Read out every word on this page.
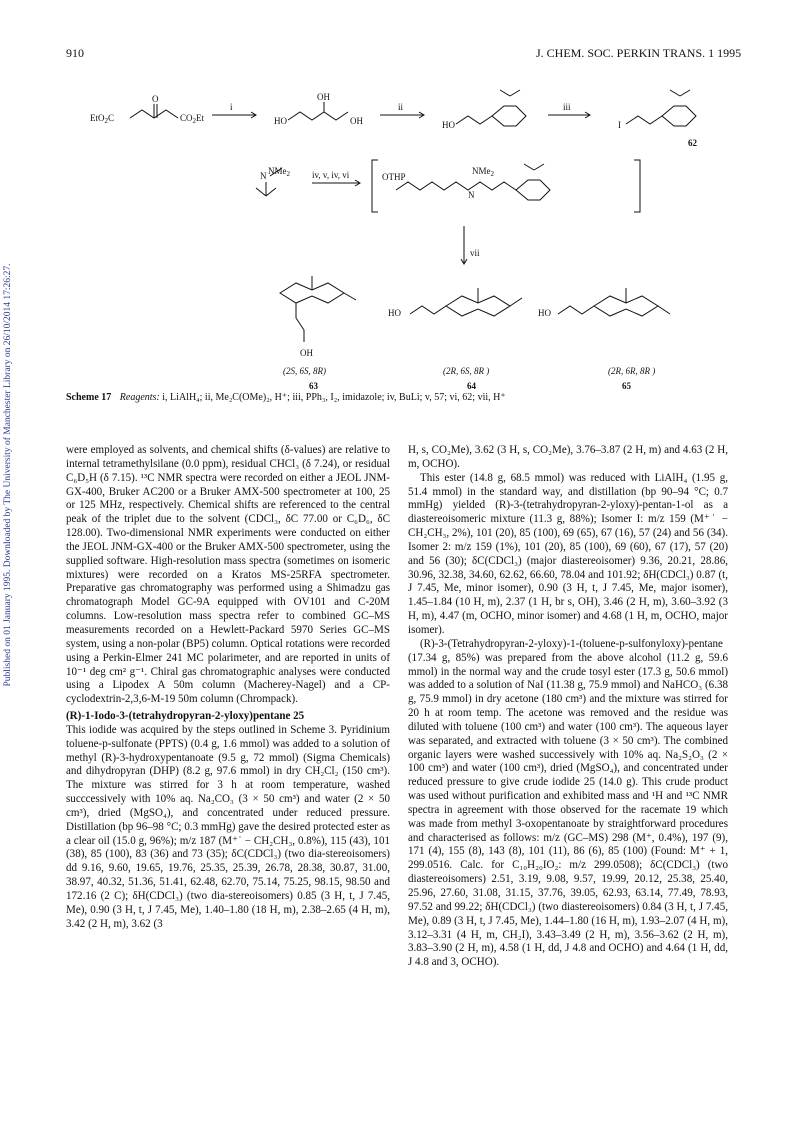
910	J. CHEM. SOC. PERKIN TRANS. 1 1995
Published on 01 January 1995. Downloaded by The University of Manchester Library on 26/10/2014 17:26:27.
EtO$_2$C	$CO_2Et$
O
i
HO
OH
OH
ii
HO
iii
I
62
N NMe$_2$ iv, v, iv, vi	OTHP
NMe$_2$
N
vii
OH
HO	HO
(2S, 6S, 8R)	(2R, 6S, 8R )	(2R, 6R, 8R )
63	64	65
Scheme 17 Reagents: i, LiAlH₄; ii, Me₂C(OMe)₂, H⁺; iii, PPh₃, I₂, imidazole; iv, BuLi; v, 57; vi, 62; vii, H⁺

were employed as solvents, and chemical shifts (δ-values) are relative to internal tetramethylsilane (0.0 ppm), residual CHCl₃ (δ 7.24), or residual C₆D₅H (δ 7.15). ¹³C NMR spectra were recorded on either a JEOL JNM-GX-400, Bruker AC200 or a Bruker AMX-500 spectrometer at 100, 25 or 125 MHz, respectively. Chemical shifts are referenced to the central peak of the triplet due to the solvent (CDCl₃, δC 77.00 or C₆D₆, δC 128.00). Two-dimensional NMR experiments were conducted on either the JEOL JNM-GX-400 or the Bruker AMX-500 spectrometer, using the supplied software. High-resolution mass spectra (sometimes on isomeric mixtures) were recorded on a Kratos MS-25RFA spectrometer. Preparative gas chromatography was performed using a Shimadzu gas chromatograph Model GC-9A equipped with OV101 and C-20M columns. Low-resolution mass spectra refer to combined GC–MS measurements recorded on a Hewlett-Packard 5970 Series GC–MS system, using a non-polar (BP5) column. Optical rotations were recorded using a Perkin-Elmer 241 MC polarimeter, and are reported in units of 10⁻¹ deg cm² g⁻¹. Chiral gas chromatographic analyses were conducted using a Lipodex A 50m column (Macherey-Nagel) and a CP-cyclodextrin-2,3,6-M-19 50m column (Chrompack).

(R)-1-Iodo-3-(tetrahydropyran-2-yloxy)pentane 25

This iodide was acquired by the steps outlined in Scheme 3. Pyridinium toluene-p-sulfonate (PPTS) (0.4 g, 1.6 mmol) was added to a solution of methyl (R)-3-hydroxypentanoate (9.5 g, 72 mmol) (Sigma Chemicals) and dihydropyran (DHP) (8.2 g, 97.6 mmol) in dry CH₂Cl₂ (150 cm³). The mixture was stirred for 3 h at room temperature, washed succcessively with 10% aq. Na₂CO₃ (3 × 50 cm³) and water (2 × 50 cm³), dried (MgSO₄), and concentrated under reduced pressure. Distillation (bp 96–98 °C; 0.3 mmHg) gave the desired protected ester as a clear oil (15.0 g, 96%); m/z 187 (M⁺˙ − CH₂CH₃, 0.8%), 115 (43), 101 (38), 85 (100), 83 (36) and 73 (35); δC(CDCl₃) (two dia-stereoisomers) dd 9.16, 9.60, 19.65, 19.76, 25.35, 25.39, 26.78, 28.38, 30.87, 31.00, 38.97, 40.32, 51.36, 51.41, 62.48, 62.70, 75.14, 75.25, 98.15, 98.50 and 172.16 (2 C); δH(CDCl₃) (two dia-stereoisomers) 0.85 (3 H, t, J 7.45, Me), 0.90 (3 H, t, J 7.45, Me), 1.40–1.80 (18 H, m), 2.38–2.65 (4 H, m), 3.42 (2 H, m), 3.62 (3

H, s, CO₂Me), 3.62 (3 H, s, CO₂Me), 3.76–3.87 (2 H, m) and 4.63 (2 H, m, OCHO).

This ester (14.8 g, 68.5 mmol) was reduced with LiAlH₄ (1.95 g, 51.4 mmol) in the standard way, and distillation (bp 90–94 °C; 0.7 mmHg) yielded (R)-3-(tetrahydropyran-2-yloxy)-pentan-1-ol as a diastereoisomeric mixture (11.3 g, 88%); Isomer I: m/z 159 (M⁺˙ − CH₂CH₃, 2%), 101 (20), 85 (100), 69 (65), 67 (16), 57 (24) and 56 (34). Isomer 2: m/z 159 (1%), 101 (20), 85 (100), 69 (60), 67 (17), 57 (20) and 56 (30); δC(CDCl₃) (major diastereoisomer) 9.36, 20.21, 28.86, 30.96, 32.38, 34.60, 62.62, 66.60, 78.04 and 101.92; δH(CDCl₃) 0.87 (t, J 7.45, Me, minor isomer), 0.90 (3 H, t, J 7.45, Me, major isomer), 1.45–1.84 (10 H, m), 2.37 (1 H, br s, OH), 3.46 (2 H, m), 3.60–3.92 (3 H, m), 4.47 (m, OCHO, minor isomer) and 4.68 (1 H, m, OCHO, major isomer).

(R)-3-(Tetrahydropyran-2-yloxy)-1-(toluene-p-sulfonyloxy)-pentane (17.34 g, 85%) was prepared from the above alcohol (11.2 g, 59.6 mmol) in the normal way and the crude tosyl ester (17.3 g, 50.6 mmol) was added to a solution of NaI (11.38 g, 75.9 mmol) and NaHCO₃ (6.38 g, 75.9 mmol) in dry acetone (180 cm³) and the mixture was stirred for 20 h at room temp. The acetone was removed and the residue was diluted with toluene (100 cm³) and water (100 cm³). The aqueous layer was separated, and extracted with toluene (3 × 50 cm³). The combined organic layers were washed successively with 10% aq. Na₂S₂O₃ (2 × 100 cm³) and water (100 cm³), dried (MgSO₄), and concentrated under reduced pressure to give crude iodide 25 (14.0 g). This crude product was used without purification and exhibited mass and ¹H and ¹³C NMR spectra in agreement with those observed for the racemate 19 which was made from methyl 3-oxopentanoate by straightforward procedures and characterised as follows: m/z (GC–MS) 298 (M⁺, 0.4%), 197 (9), 171 (4), 155 (8), 143 (8), 101 (11), 86 (6), 85 (100) (Found: M⁺ + 1, 299.0516. Calc. for C₁₀H₂₀IO₂: m/z 299.0508); δC(CDCl₃) (two diastereoisomers) 2.51, 3.19, 9.08, 9.57, 19.99, 20.12, 25.38, 25.40, 25.96, 27.60, 31.08, 31.15, 37.76, 39.05, 62.93, 63.14, 77.49, 78.93, 97.52 and 99.22; δH(CDCl₃) (two diastereoisomers) 0.84 (3 H, t, J 7.45, Me), 0.89 (3 H, t, J 7.45, Me), 1.44–1.80 (16 H, m), 1.93–2.07 (4 H, m), 3.12–3.31 (4 H, m, CH₂I), 3.43–3.49 (2 H, m), 3.56–3.62 (2 H, m), 3.83–3.90 (2 H, m), 4.58 (1 H, dd, J 4.8 and OCHO) and 4.64 (1 H, dd, J 4.8 and 3, OCHO).
